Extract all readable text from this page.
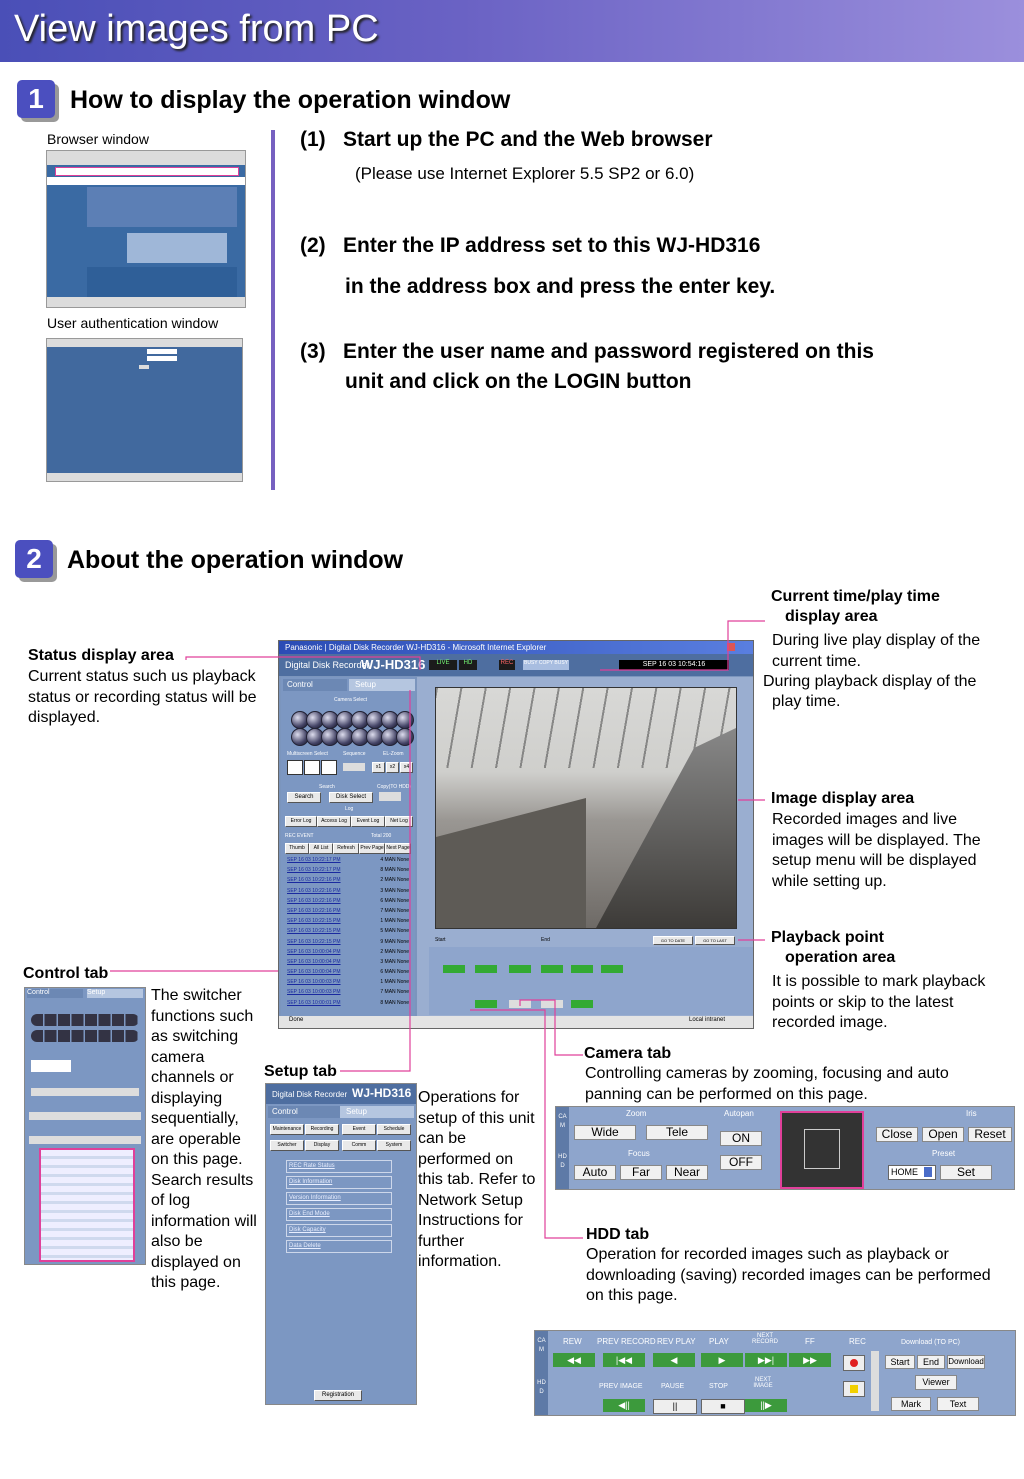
View images from PC
1	How to display the operation window
Browser window
User authentication window
(1) Start up the PC and the Web browser
(Please use Internet Explorer 5.5 SP2 or 6.0)
(2) Enter the IP address set to this WJ-HD316
in the address box and press the enter key.
(3) Enter the user name and password registered on this
unit and click on the LOGIN button
2	About the operation window
Status display area
Current status such us playback status or recording status will be displayed.
Current time/play time
display area
During live play display of the current time.
During playback display of the
play time.
Image display area
Recorded images and live images will be displayed. The setup menu will be displayed while setting up.
Playback point
operation area
It is possible to mark playback points or skip to the latest recorded image.
Control tab
The switcher functions such as switching camera channels or displaying sequentially, are operable on this page. Search results of log information will also be displayed on this page.
Setup tab
Operations for setup of this unit can be performed on this tab. Refer to Network Setup Instructions for further information.
Camera tab
Controlling cameras by zooming, focusing and auto panning can be performed on this page.
HDD tab
Operation for recorded images such as playback or downloading (saving) recorded images can be performed on this page.
Panasonic | Digital Disk Recorder WJ-HD316 - Microsoft Internet Explorer
Digital Disk Recorder
WJ-HD316	LIVE	HD	REC	BUSY COPY BUSY	SEP 16 03 10:54:16
Control	Setup
Camera Select
Multiscreen Select	Sequence	EL-Zoom
x1	x2	x4
Search	Copy(TO HDD)
Search	Disk Select
Log
Error Log	Access Log	Event Log	Net Log
REC EVENT	Total 200
Thumb	All List	Refresh	Prev Page Next Page
SEP 16 03 10:22:17 PM	4 MAN None
SEP 16 03 10:22:17 PM	8 MAN None
SEP 16 03 10:22:16 PM	2 MAN None
SEP 16 03 10:22:16 PM	3 MAN None
SEP 16 03 10:22:16 PM	6 MAN None
SEP 16 03 10:22:16 PM	7 MAN None
SEP 16 03 10:22:15 PM	1 MAN None
SEP 16 03 10:22:15 PM	5 MAN None
SEP 16 03 10:22:15 PM	9 MAN None
SEP 16 03 10:00:04 PM	2 MAN None
SEP 16 03 10:00:04 PM	3 MAN None
SEP 16 03 10:00:04 PM	6 MAN None
SEP 16 03 10:00:03 PM	1 MAN None
SEP 16 03 10:00:03 PM	7 MAN None
SEP 16 03 10:00:01 PM	8 MAN None
Start	End	GO TO DATE	GO TO LAST
Done	Local intranet
Control	Setup
Digital Disk Recorder WJ-HD316
Control	Setup
Maintenance	Recording	Event	Schedule
Switcher	Display	Comm	System
REC Rate Status
Disk Information
Version Information
Disk End Mode
Disk Capacity
Data Delete
Registration
CAM
HDD
Zoom
Wide	Tele
Focus
Auto	Far	Near
Autopan
ON
OFF
Iris
Close	Open	Reset
Preset
HOME	Set
CAM
HDD
REW PREV RECORD REV PLAY PLAY
NEXT RECORD	FF	REC	Download (TO PC)
◀◀	|◀◀	◀	▶	▶▶|	▶▶	Start	End	Download
PREV IMAGE	PAUSE	STOP
NEXT IMAGE
◀||	||	■	||▶
Viewer
Mark	Text
